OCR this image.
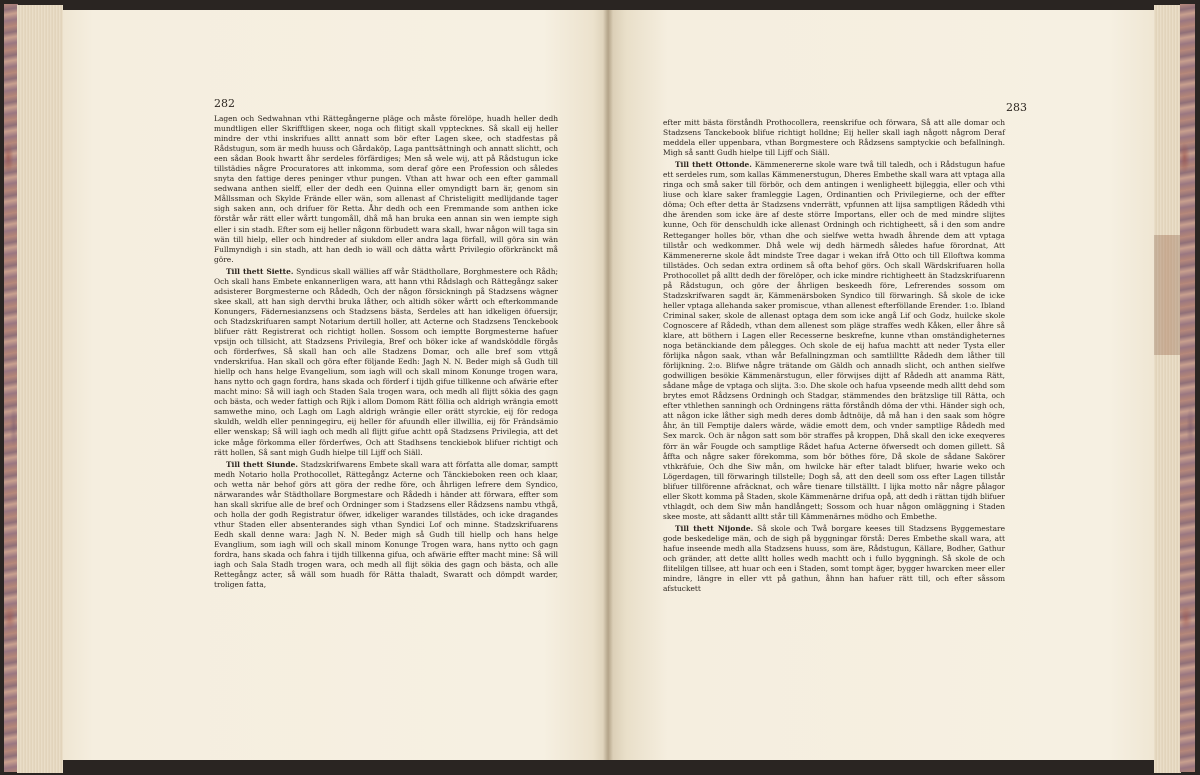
282

Lagen och Sedwahnan vthi Rättegångerne pläge och måste förelöpe, huadh heller dedh mundtligen eller Skrifftligen skeer, noga och flitigt skall vpptecknes. Så skall eij heller mindre der vthi inskrifues alltt annatt som bör efter Lagen skee, och stadfestas på Rådstugun, som är medh huuss och Gårdaköp, Laga panttsättningh och annatt slichtt, och een sådan Book hwartt åhr serdeles förfärdiges; Men så wele wij, att på Rådstugun icke tillstädies någre Procuratores att inkomma, som deraf göre een Profession och således snyta den fattige deres peninger vthur pungen. Vthan att hwar och een efter gammall sedwana anthen sielff, eller der dedh een Quinna eller omyndigtt barn är, genom sin Mållssman och Skylde Frände eller wän, som allenast af Christeligitt medlijdande tager sigh saken ann, och drifuer för Retta. Åhr dedh och een Fremmande som anthen icke förstår wår rätt eller wårtt tungomåll, dhå må han bruka een annan sin wen iempte sigh eller i sin stadh. Efter som eij heller någonn förbudett wara skall, hwar någon will taga sin wän till hielp, eller och hindreder af siukdom eller andra laga förfall, will göra sin wän Fullmyndigh i sin stadh, att han dedh io wäll och dätta wårtt Privilegio oförkränckt må göre.

Till thett Siette. Syndicus skall wällies aff wår Städthollare, Borghmestere och Rådh; Och skall hans Embete enkannerligen wara, att hann vthi Rådslagh och Rättegångz saker adsisterer Borgmesterne och Rådedh, Och der någon försickningh på Stadzsens wägner skee skall, att han sigh dervthi bruka låther, och altidh söker wårtt och efterkommande Konungers, Fädernesianzsens och Stadzsens bästa, Serdeles att han idkeligen öfuersijr, och Stadzskrifuaren sampt Notarium dertill holler, att Acterne och Stadzsens Tenckebook blifuer rätt Registrerat och richtigt hollen. Sossom och iemptte Borgmesterne hafuer vpsijn och tillsicht, att Stadzsens Privilegia, Bref och böker icke af wandsköddle förgås och förderfwes, Så skall han och alle Stadzens Domar, och alle bref som vttgå vnderskrifua. Han skall och göra efter följande Eedh: Jagh N. N. Beder migh så Gudh till hiellp och hans helge Evangelium, som iagh will och skall minom Konunge trogen wara, hans nytto och gagn fordra, hans skada och förderf i tijdh gifue tillkenne och afwärie efter macht mino: Så will iagh och Staden Sala trogen wara, och medh all flijtt sökia des gagn och bästa, och weder fattigh och Rijk i allom Domom Rätt föllia och aldrigh wrängia emott samwethe mino, och Lagh om Lagh aldrigh wrängie eller orätt styrckie, eij för redoga skuldh, weldh eller penningegiru, eij heller för afuundh eller illwillia, eij för Frändsämio eller wenskap; Så will iagh och medh all flijtt gifue achtt opå Stadzsens Privilegia, att det icke måge förkomma eller förderfwes, Och att Stadhsens tenckiebok blifuer richtigt och rätt hollen, Så sant migh Gudh hielpe till Lijff och Siäll.

Till thett Siunde. Stadzskrifwarens Embete skall wara att författa alle domar, samptt medh Notario holla Prothocollet, Rättegångz Acterne och Tänckieboken reen och klaar, och wetta när behof görs att göra der redhe före, och åhrligen lefrere dem Syndico, närwarandes wår Städthollare Borgmestare och Rådedh i händer att förwara, effter som han skall skrifue alle de bref och Ordninger som i Stadzsens eller Rådzsens nambu vthgå, och holla der godh Registratur öfwer, idkeliger warandes tillstädes, och icke dragandes vthur Staden eller absenterandes sigh vthan Syndici Lof och minne. Stadzskrifuarens Eedh skall denne wara: Jagh N. N. Beder migh så Gudh till hiellp och hans helge Evanglium, som iagh will och skall minom Konunge Trogen wara, hans nytto och gagn fordra, hans skada och fahra i tijdh tillkenna gifua, och afwärie effter macht mine: Så will iagh och Sala Stadh trogen wara, och medh all flijt sökia des gagn och bästa, och alle Rettegångz acter, så wäll som huadh för Rätta thaladt, Swaratt och dömpdt warder, troligen fatta,

283

efter mitt bästa förståndh Prothocollera, reenskrifue och förwara, Så att alle domar och Stadzsens Tanckebook blifue richtigt holldne; Eij heller skall iagh någott någrom Deraf meddela eller uppenbara, vthan Borgmestere och Rådzsens samptyckie och befallningh. Migh så santt Gudh hielpe till Lijff och Siäll.

Till thett Ottonde. Kämmenererne skole ware twå till taledh, och i Rådstugun hafue ett serdeles rum, som kallas Kämmenerstugun, Dheres Embethe skall wara att vptaga alla ringa och små saker till förbör, och dem antingen i wenligheett bijleggia, eller och vthi liuse och klare saker framleggie Lagen, Ordinantien och Privilegierne, och der effter döma; Och efter detta är Stadzsens vnderrätt, vpfunnen att lijsa samptligen Rådedh vthi dhe ärenden som icke äre af deste större Importans, eller och de med mindre slijtes kunne, Och för denschuldh icke allenast Ordningh och richtigheett, så i den som andre Retteganger holles bör, vthan dhe och sielfwe wetta hwadh åhrende dem att vptaga tillstår och wedkommer. Dhå wele wij dedh härmedh således hafue förordnat, Att Kämmenererne skole ådt mindste Tree dagar i wekan ifrå Otto och till Elloftwa komma tillstädes. Och sedan extra ordinem så ofta behof görs. Och skall Wärdskrifuaren holla Prothocollet på alltt dedh der förelöper, och icke mindre richtigheett än Stadzskrifuarenn på Rådstugun, och göre der åhrligen beskeedh före, Lefrerendes sossom om Stadzskrifwaren sagdt är, Kämmenärsboken Syndico till förwaringh. Så skole de icke heller vptaga allehanda saker promiscue, vthan allenest efterföllande Erender. 1:o. Ibland Criminal saker, skole de allenast optaga dem som icke angå Lif och Godz, huilcke skole Cognoscere af Rådedh, vthan dem allenest som pläge straffes wedh Kåken, eller åhre så klare, att böthern i Lagen eller Recesserne beskrefne, kunne vthan omständigheternes noga betänckiande dem pålegges. Och skole de eij hafua machtt att neder Tysta eller förlijka någon saak, vthan wår Befallningzman och samtlilltte Rådedh dem låther till förlijkning. 2:o. Blifwe någre trätande om Gäldh och annadh slicht, och anthen sielfwe godwilligen besökie Kämmenärstugun, eller förwijses dijtt af Rådedh att anamma Rätt, sådane måge de vptaga och slijta. 3:o. Dhe skole och hafua vpseende medh alltt dehd som brytes emot Rådzsens Ordningh och Stadgar, stämmendes den brätzslige till Rätta, och efter vthlethen sanningh och Ordningens rätta förståndh döma der vthi. Händer sigh och, att någon icke låther sigh medh deres domb ådtnöije, då må han i den saak som högre åhr, än till Femptije dalers wärde, wädie emott dem, och vnder samptlige Rådedh med Sex marck. Och är någon satt som bör straffes på kroppen, Dhå skall den icke exeqveres förr än wår Fougde och samptlige Rådet hafua Acterne öfwersedt och domen gillett. Så åffta och någre saker förekomma, som bör böthes före, Då skole de sådane Sakörer vthkräfuie, Och dhe Siw mån, om hwilcke här efter taladt blifuer, hwarie weko och Lögerdagen, till förwaringh tillstelle; Dogh så, att den deell som oss efter Lagen tillstår blifuer tillförenne afräcknat, och wåre tienare tillställtt. I lijka motto når någre pålagor eller Skott komma på Staden, skole Kämmenärne drifua opå, att dedh i rättan tijdh blifuer vthlagdt, och dem Siw mån handlångett; Sossom och huar någon omläggning i Staden skee moste, att sådantt alltt står till Kämmenärnes mödho och Embethe.

Till thett Nijonde. Så skole och Twå borgare keeses till Stadzsens Byggemestare gode beskedelige män, och de sigh på byggningar förstå: Deres Embethe skall wara, att hafue inseende medh alla Stadzsens huuss, som äre, Rådstugun, Källare, Bodher, Gathur och gränder, att dette alltt holles wedh machtt och i fullo byggningh. Så skole de och flitelilgen tillsee, att huar och een i Staden, somt tompt äger, bygger hwarcken meer eller mindre, längre in eller vtt på gathun, åhnn han hafuer rätt till, och efter såssom afstuckett
